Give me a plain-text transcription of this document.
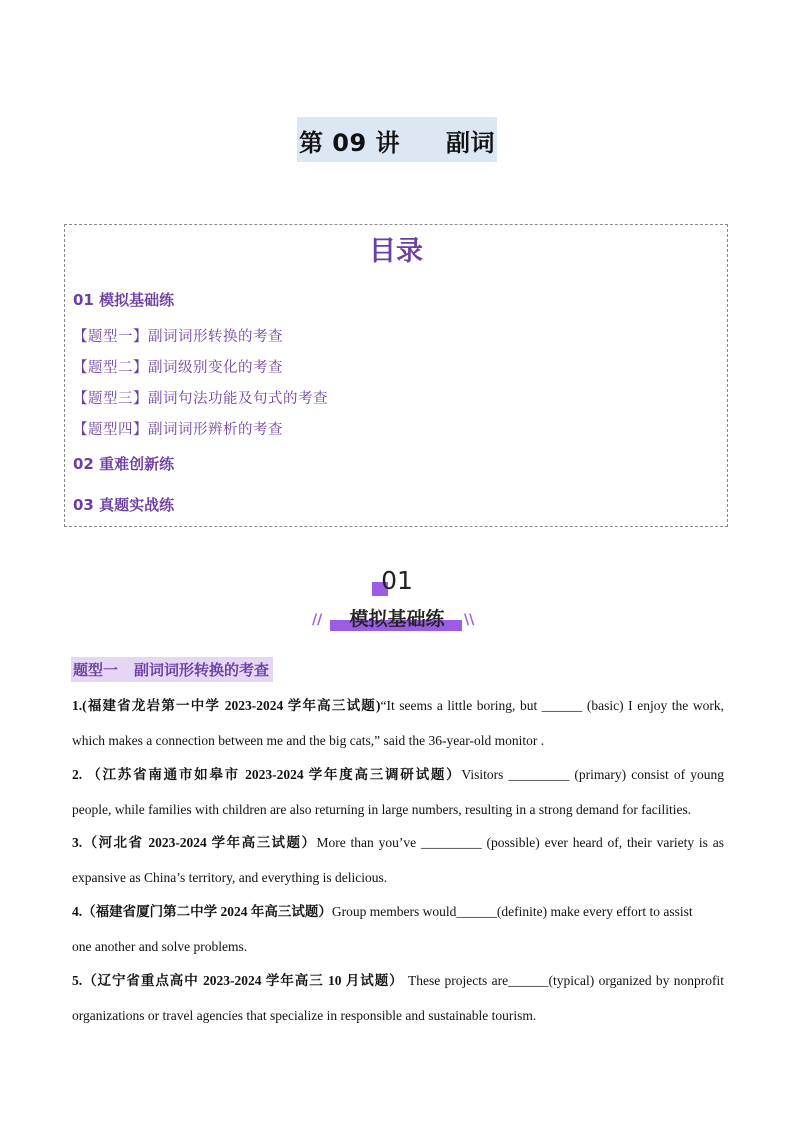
第 09 讲 副词
目录
01 模拟基础练
【题型一】副词词形转换的考查
【题型二】副词级别变化的考查
【题型三】副词句法功能及句式的考查
【题型四】副词词形辨析的考查
02 重难创新练
03 真题实战练
01
模拟基础练
//	\\
题型一 副词词形转换的考查
1.(福建省龙岩第一中学 2023-2024 学年高三试题)“It seems a little boring, but ______ (basic) I enjoy the work,
which makes a connection between me and the big cats,” said the 36-year-old monitor .
2. （江苏省南通市如皋市 2023-2024 学年度高三调研试题）Visitors _________ (primary) consist of young
people, while families with children are also returning in large numbers, resulting in a strong demand for facilities.
3.（河北省 2023-2024 学年高三试题）More than you’ve _________ (possible) ever heard of, their variety is as
expansive as China’s territory, and everything is delicious.
4.（福建省厦门第二中学 2024 年高三试题）Group members would______(definite) make every effort to assist
one another and solve problems.
5.（辽宁省重点高中 2023-2024 学年高三 10 月试题） These projects are______(typical) organized by nonprofit
organizations or travel agencies that specialize in responsible and sustainable tourism.
